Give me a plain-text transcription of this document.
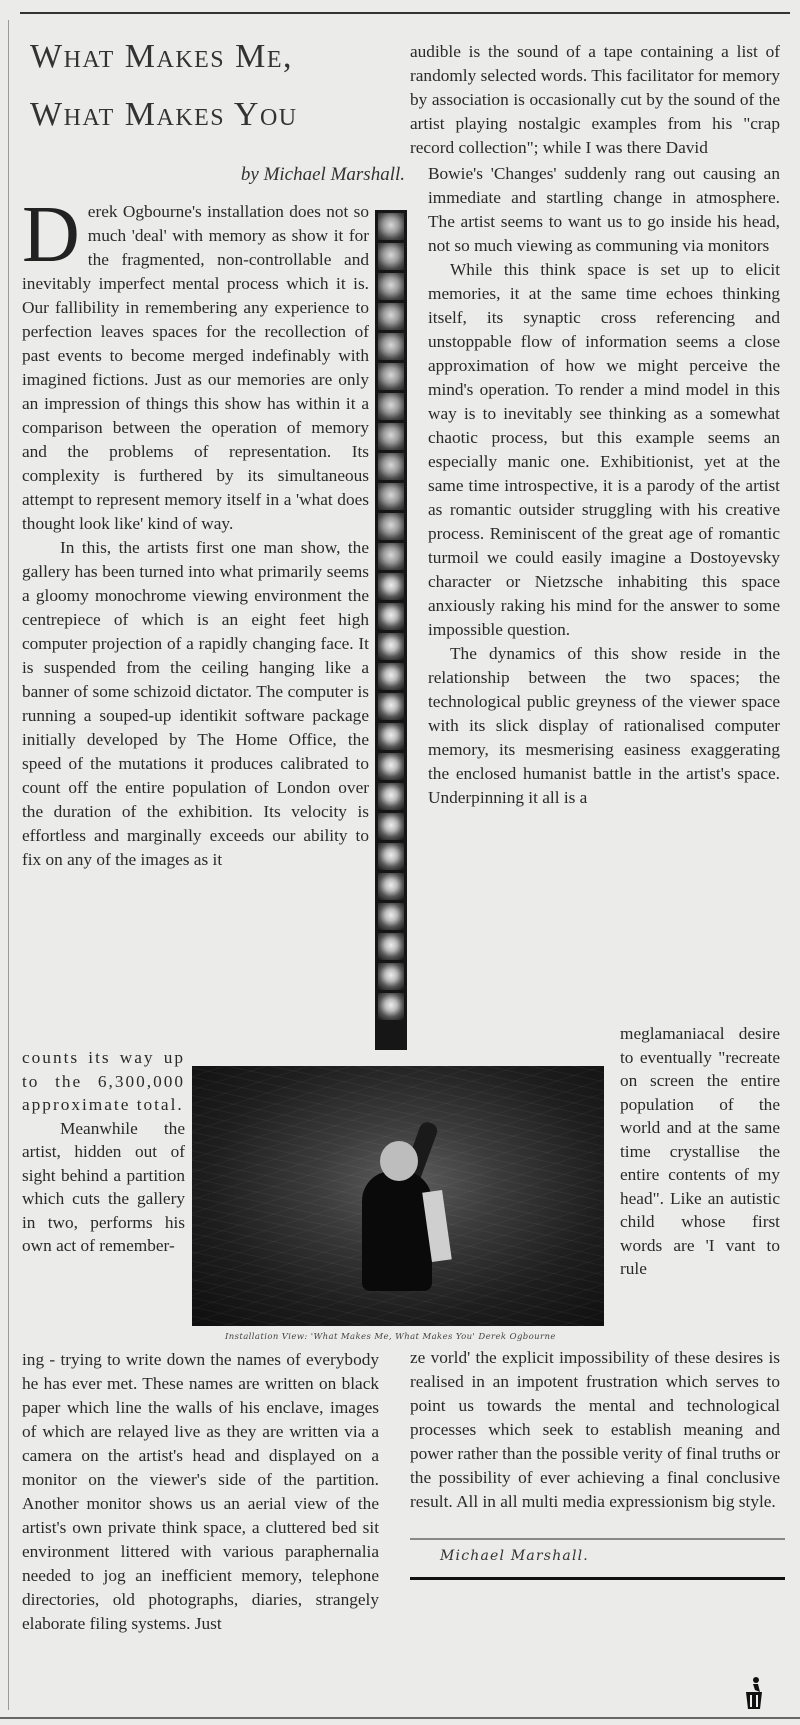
What Makes Me,
What Makes You
by Michael Marshall.

Derek Ogbourne's installation does not so much 'deal' with memory as show it for the fragmented, non-controllable and inevitably imperfect mental process which it is. Our fallibility in remembering any experience to perfection leaves spaces for the recollection of past events to become merged indefinably with imagined fictions. Just as our memories are only an impression of things this show has within it a comparison between the operation of memory and the problems of representation. Its complexity is furthered by its simultaneous attempt to represent memory itself in a 'what does thought look like' kind of way.

In this, the artists first one man show, the gallery has been turned into what primarily seems a gloomy monochrome viewing environment the centrepiece of which is an eight feet high computer projection of a rapidly changing face. It is suspended from the ceiling hanging like a banner of some schizoid dictator. The computer is running a souped-up identikit software package initially developed by The Home Office, the speed of the mutations it produces calibrated to count off the entire population of London over the duration of the exhibition. Its velocity is effortless and marginally exceeds our ability to fix on any of the images as it

counts its way up to the 6,300,000 approximate total.

Meanwhile the artist, hidden out of sight behind a partition which cuts the gallery in two, performs his own act of remember-

Installation View: 'What Makes Me, What Makes You' Derek Ogbourne

ing - trying to write down the names of everybody he has ever met. These names are written on black paper which line the walls of his enclave, images of which are relayed live as they are written via a camera on the artist's head and displayed on a monitor on the viewer's side of the partition. Another monitor shows us an aerial view of the artist's own private think space, a cluttered bed sit environment littered with various paraphernalia needed to jog an inefficient memory, telephone directories, old photographs, diaries, strangely elaborate filing systems. Just

audible is the sound of a tape containing a list of randomly selected words. This facilitator for memory by association is occasionally cut by the sound of the artist playing nostalgic examples from his "crap record collection"; while I was there David

Bowie's 'Changes' suddenly rang out causing an immediate and startling change in atmosphere. The artist seems to want us to go inside his head, not so much viewing as communing via monitors

While this think space is set up to elicit memories, it at the same time echoes thinking itself, its synaptic cross referencing and unstoppable flow of information seems a close approximation of how we might perceive the mind's operation. To render a mind model in this way is to inevitably see thinking as a somewhat chaotic process, but this example seems an especially manic one. Exhibitionist, yet at the same time introspective, it is a parody of the artist as romantic outsider struggling with his creative process. Reminiscent of the great age of romantic turmoil we could easily imagine a Dostoyevsky character or Nietzsche inhabiting this space anxiously raking his mind for the answer to some impossible question.

The dynamics of this show reside in the relationship between the two spaces; the technological public greyness of the viewer space with its slick display of rationalised computer memory, its mesmerising easiness exaggerating the enclosed humanist battle in the artist's space. Underpinning it all is a

meglamaniacal desire to eventually "recreate on screen the entire population of the world and at the same time crystallise the entire contents of my head". Like an autistic child whose first words are 'I vant to rule

ze vorld' the explicit impossibility of these desires is realised in an impotent frustration which serves to point us towards the mental and technological processes which seek to establish meaning and power rather than the possible verity of final truths or the possibility of ever achieving a final conclusive result. All in all multi media expressionism big style.

Michael Marshall.
